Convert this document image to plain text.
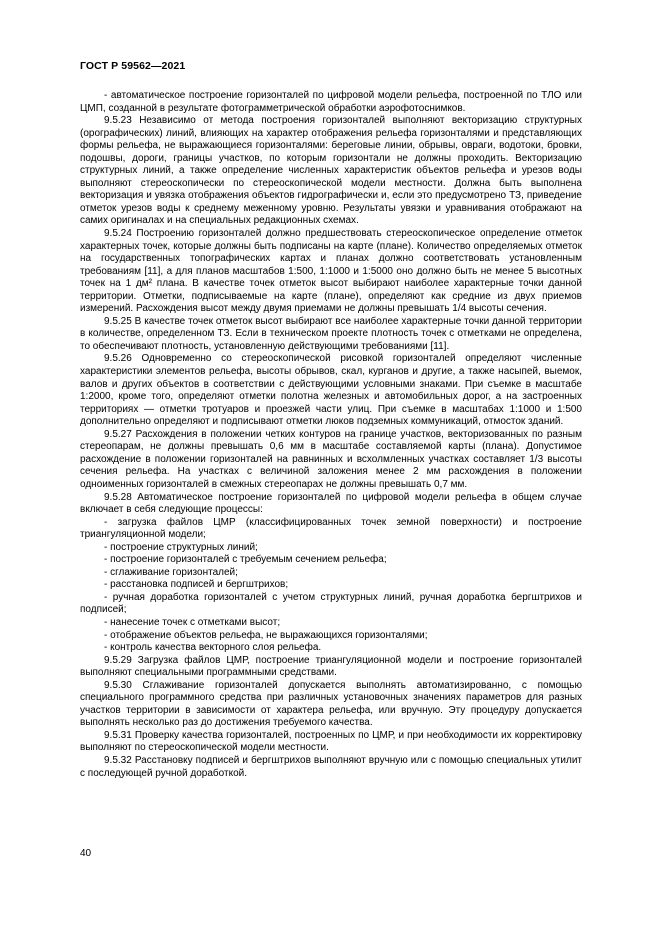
ГОСТ Р 59562—2021

- автоматическое построение горизонталей по цифровой модели рельефа, построенной по ТЛО или ЦМП, созданной в результате фотограмметрической обработки аэрофотоснимков.

9.5.23 Независимо от метода построения горизонталей выполняют векторизацию структурных (орографических) линий, влияющих на характер отображения рельефа горизонталями и представляющих формы рельефа, не выражающиеся горизонталями: береговые линии, обрывы, овраги, водотоки, бровки, подошвы, дороги, границы участков, по которым горизонтали не должны проходить. Векторизацию структурных линий, а также определение численных характеристик объектов рельефа и урезов воды выполняют стереоскопически по стереоскопической модели местности. Должна быть выполнена векторизация и увязка отображения объектов гидрографически и, если это предусмотрено ТЗ, приведение отметок урезов воды к среднему меженному уровню. Результаты увязки и уравнивания отображают на самих оригиналах и на специальных редакционных схемах.

9.5.24 Построению горизонталей должно предшествовать стереоскопическое определение отметок характерных точек, которые должны быть подписаны на карте (плане). Количество определяемых отметок на государственных топографических картах и планах должно соответствовать установленным требованиям [11], а для планов масштабов 1:500, 1:1000 и 1:5000 оно должно быть не менее 5 высотных точек на 1 дм² плана. В качестве точек отметок высот выбирают наиболее характерные точки данной территории. Отметки, подписываемые на карте (плане), определяют как средние из двух приемов измерений. Расхождения высот между двумя приемами не должны превышать 1/4 высоты сечения.

9.5.25 В качестве точек отметок высот выбирают все наиболее характерные точки данной территории в количестве, определенном ТЗ. Если в техническом проекте плотность точек с отметками не определена, то обеспечивают плотность, установленную действующими требованиями [11].

9.5.26 Одновременно со стереоскопической рисовкой горизонталей определяют численные характеристики элементов рельефа, высоты обрывов, скал, курганов и другие, а также насыпей, выемок, валов и других объектов в соответствии с действующими условными знаками. При съемке в масштабе 1:2000, кроме того, определяют отметки полотна железных и автомобильных дорог, а на застроенных территориях — отметки тротуаров и проезжей части улиц. При съемке в масштабах 1:1000 и 1:500 дополнительно определяют и подписывают отметки люков подземных коммуникаций, отмосток зданий.

9.5.27 Расхождения в положении четких контуров на границе участков, векторизованных по разным стереопарам, не должны превышать 0,6 мм в масштабе составляемой карты (плана). Допустимое расхождение в положении горизонталей на равнинных и всхолмленных участках составляет 1/3 высоты сечения рельефа. На участках с величиной заложения менее 2 мм расхождения в положении одноименных горизонталей в смежных стереопарах не должны превышать 0,7 мм.

9.5.28 Автоматическое построение горизонталей по цифровой модели рельефа в общем случае включает в себя следующие процессы:

- загрузка файлов ЦМР (классифицированных точек земной поверхности) и построение триангуляционной модели;

- построение структурных линий;

- построение горизонталей с требуемым сечением рельефа;

- сглаживание горизонталей;

- расстановка подписей и бергштрихов;

- ручная доработка горизонталей с учетом структурных линий, ручная доработка бергштрихов и подписей;

- нанесение точек с отметками высот;

- отображение объектов рельефа, не выражающихся горизонталями;

- контроль качества векторного слоя рельефа.

9.5.29 Загрузка файлов ЦМР, построение триангуляционной модели и построение горизонталей выполняют специальными программными средствами.

9.5.30 Сглаживание горизонталей допускается выполнять автоматизированно, с помощью специального программного средства при различных установочных значениях параметров для разных участков территории в зависимости от характера рельефа, или вручную. Эту процедуру допускается выполнять несколько раз до достижения требуемого качества.

9.5.31 Проверку качества горизонталей, построенных по ЦМР, и при необходимости их корректировку выполняют по стереоскопической модели местности.

9.5.32 Расстановку подписей и бергштрихов выполняют вручную или с помощью специальных утилит с последующей ручной доработкой.

40
